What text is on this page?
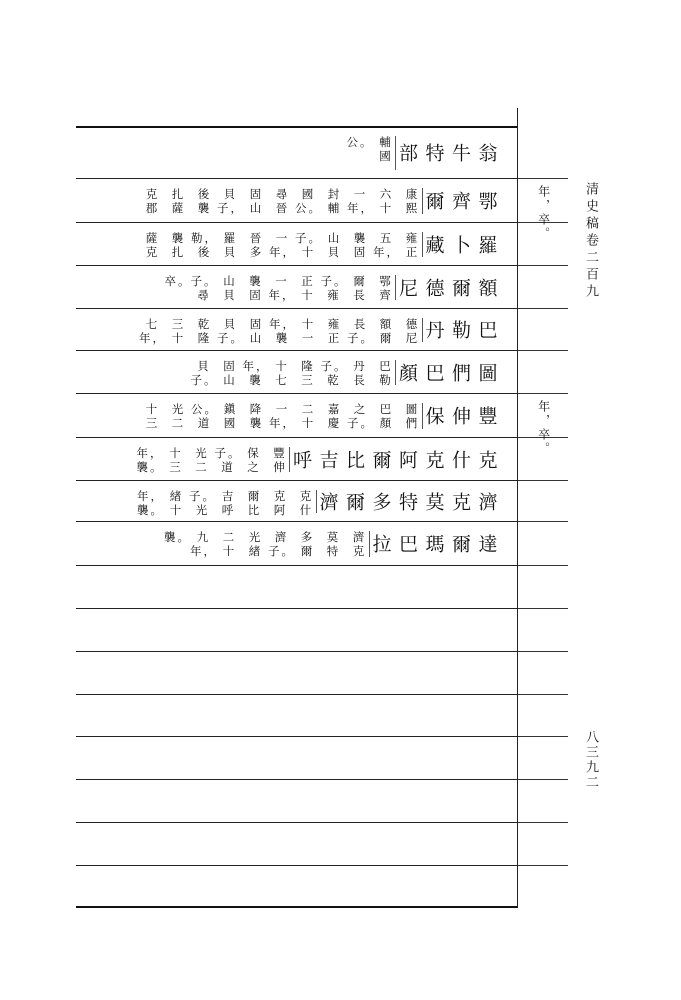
清史稿卷二百九
八三九二
年，卒。
年，卒。
翁
牛
特
部
輔
國
公。
鄂
齊
爾
康
熙
六
十
一
年，
封
輔
國
公。
尋
晉
固
山
貝
子，
後
襲
扎
薩
克
郡
羅
卜
藏
雍
正
五
年，
襲
固
山
貝
子。
十
一
年，
晉
多
羅
貝
勒，
後
襲
扎
薩
克
額
爾
德
尼
鄂
齊
爾
長
子。
雍
正
十
一
年，
襲
固
山
貝
子。
尋
卒。
巴
勒
丹
德
尼
額
爾
長
子。
雍
正
十
一
年，
襲
固
山
貝
子。
乾
隆
三
十
七
年，
圖
們
巴
顏
巴
勒
丹
長
子。
乾
隆
三
十
七
年，
襲
固
山
貝
子。
豐
伸
保
圖
們
巴
顏
之
子。
嘉
慶
二
十
一
年，
降
襲
鎭
國
公。
道
光
二
十
三
克
什
克
阿
爾
比
吉
呼
豐
伸
保
之
子。
道
光
二
十
三
年，
襲。
濟
克
莫
特
多
爾
濟
克
什
克
阿
爾
比
吉
呼
子。
光
緖
十
年，
襲。
達
爾
瑪
巴
拉
濟
克
莫
特
多
爾
濟
子。
光
緖
二
十
九
年，
襲。
